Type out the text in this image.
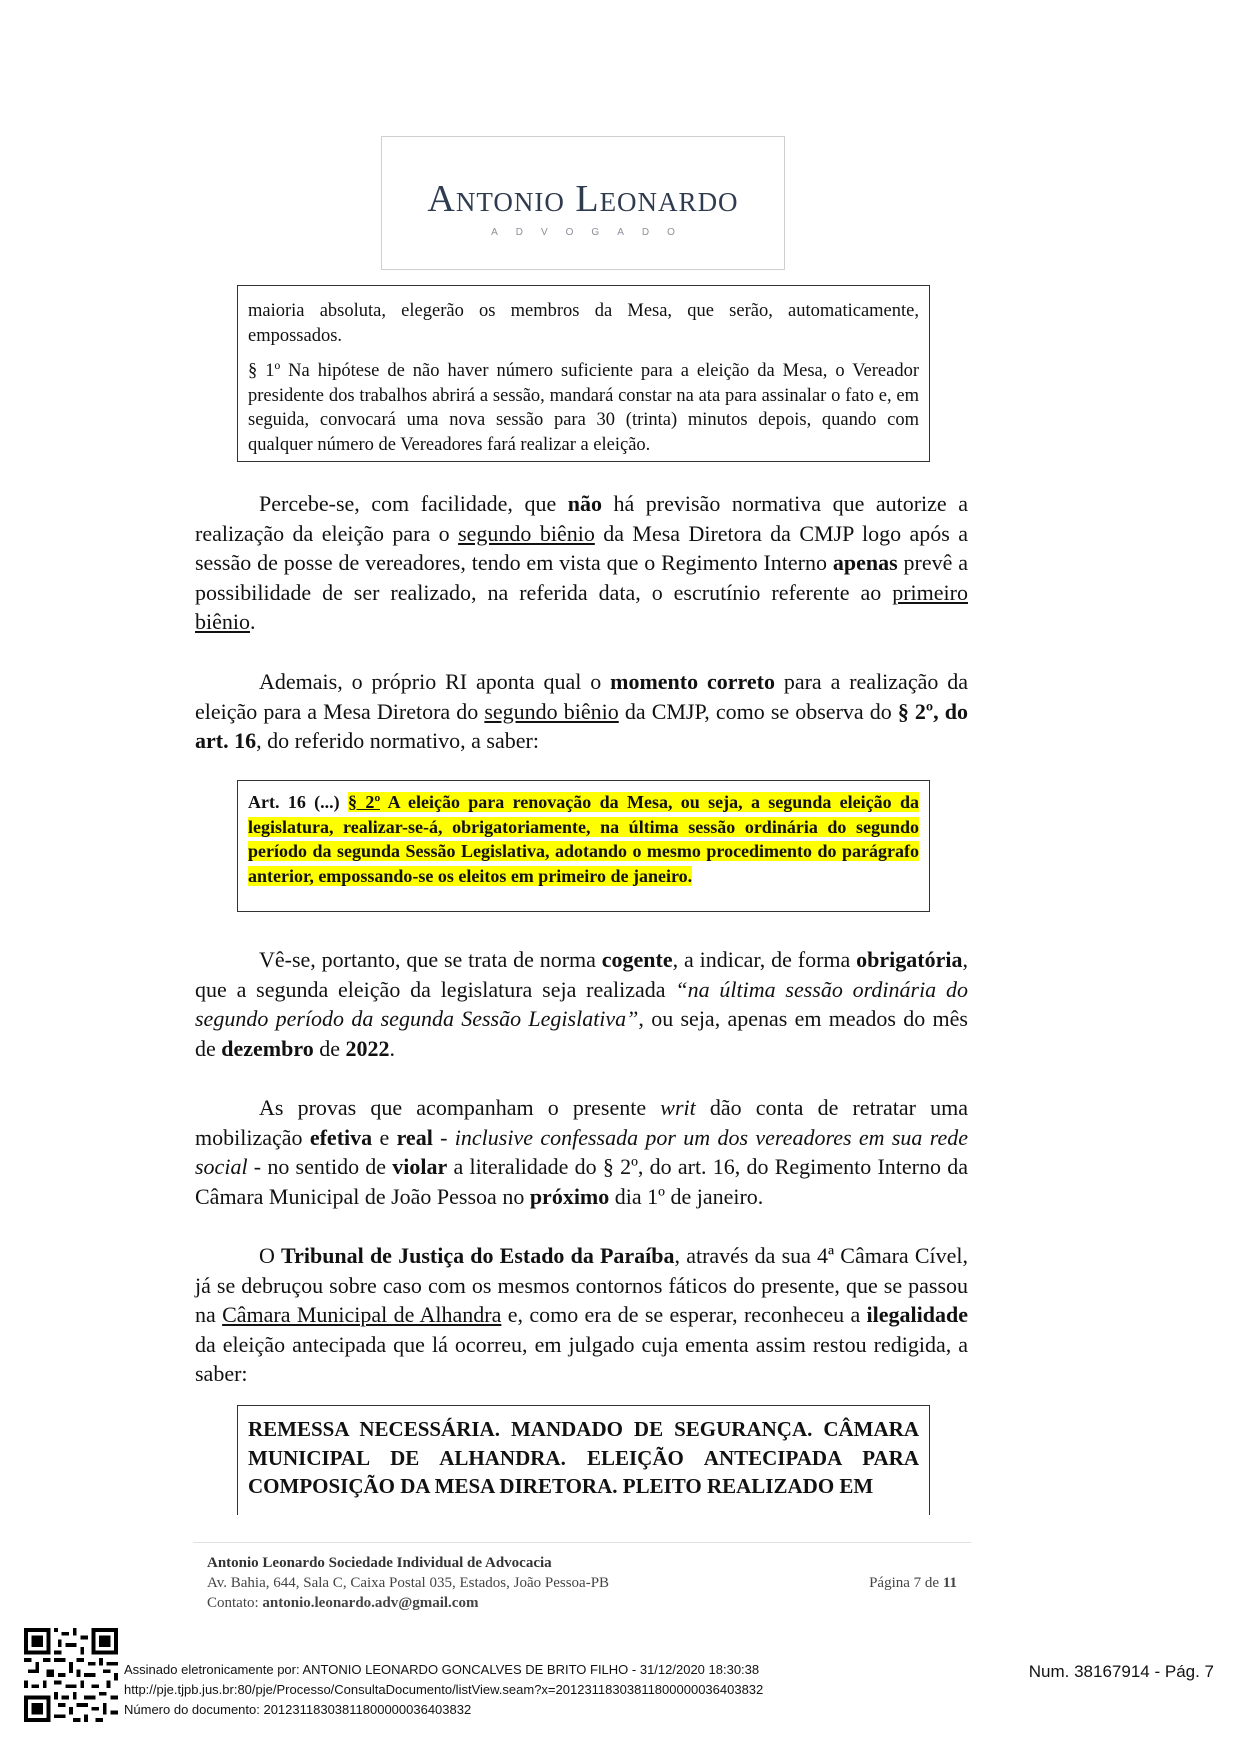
Antonio Leonardo
ADVOGADO

maioria absoluta, elegerão os membros da Mesa, que serão, automaticamente, empossados.

§ 1º Na hipótese de não haver número suficiente para a eleição da Mesa, o Vereador presidente dos trabalhos abrirá a sessão, mandará constar na ata para assinalar o fato e, em seguida, convocará uma nova sessão para 30 (trinta) minutos depois, quando com qualquer número de Vereadores fará realizar a eleição.

Percebe-se, com facilidade, que não há previsão normativa que autorize a realização da eleição para o segundo biênio da Mesa Diretora da CMJP logo após a sessão de posse de vereadores, tendo em vista que o Regimento Interno apenas prevê a possibilidade de ser realizado, na referida data, o escrutínio referente ao primeiro biênio.

Ademais, o próprio RI aponta qual o momento correto para a realização da eleição para a Mesa Diretora do segundo biênio da CMJP, como se observa do § 2º, do art. 16, do referido normativo, a saber:

Art. 16 (...) § 2º A eleição para renovação da Mesa, ou seja, a segunda eleição da legislatura, realizar-se-á, obrigatoriamente, na última sessão ordinária do segundo período da segunda Sessão Legislativa, adotando o mesmo procedimento do parágrafo anterior, empossando-se os eleitos em primeiro de janeiro.

Vê-se, portanto, que se trata de norma cogente, a indicar, de forma obrigatória, que a segunda eleição da legislatura seja realizada “na última sessão ordinária do segundo período da segunda Sessão Legislativa”, ou seja, apenas em meados do mês de dezembro de 2022.

As provas que acompanham o presente writ dão conta de retratar uma mobilização efetiva e real - inclusive confessada por um dos vereadores em sua rede social - no sentido de violar a literalidade do § 2º, do art. 16, do Regimento Interno da Câmara Municipal de João Pessoa no próximo dia 1º de janeiro.

O Tribunal de Justiça do Estado da Paraíba, através da sua 4ª Câmara Cível, já se debruçou sobre caso com os mesmos contornos fáticos do presente, que se passou na Câmara Municipal de Alhandra e, como era de se esperar, reconheceu a ilegalidade da eleição antecipada que lá ocorreu, em julgado cuja ementa assim restou redigida, a saber:

REMESSA NECESSÁRIA. MANDADO DE SEGURANÇA. CÂMARA MUNICIPAL DE ALHANDRA. ELEIÇÃO ANTECIPADA PARA COMPOSIÇÃO DA MESA DIRETORA. PLEITO REALIZADO EM
Antonio Leonardo Sociedade Individual de Advocacia
Av. Bahia, 644, Sala C, Caixa Postal 035, Estados, João Pessoa-PB
Contato: antonio.leonardo.adv@gmail.com
Página 7 de 11
Assinado eletronicamente por: ANTONIO LEONARDO GONCALVES DE BRITO FILHO - 31/12/2020 18:30:38
http://pje.tjpb.jus.br:80/pje/Processo/ConsultaDocumento/listView.seam?x=20123118303811800000036403832
Número do documento: 20123118303811800000036403832
Num. 38167914 - Pág. 7
